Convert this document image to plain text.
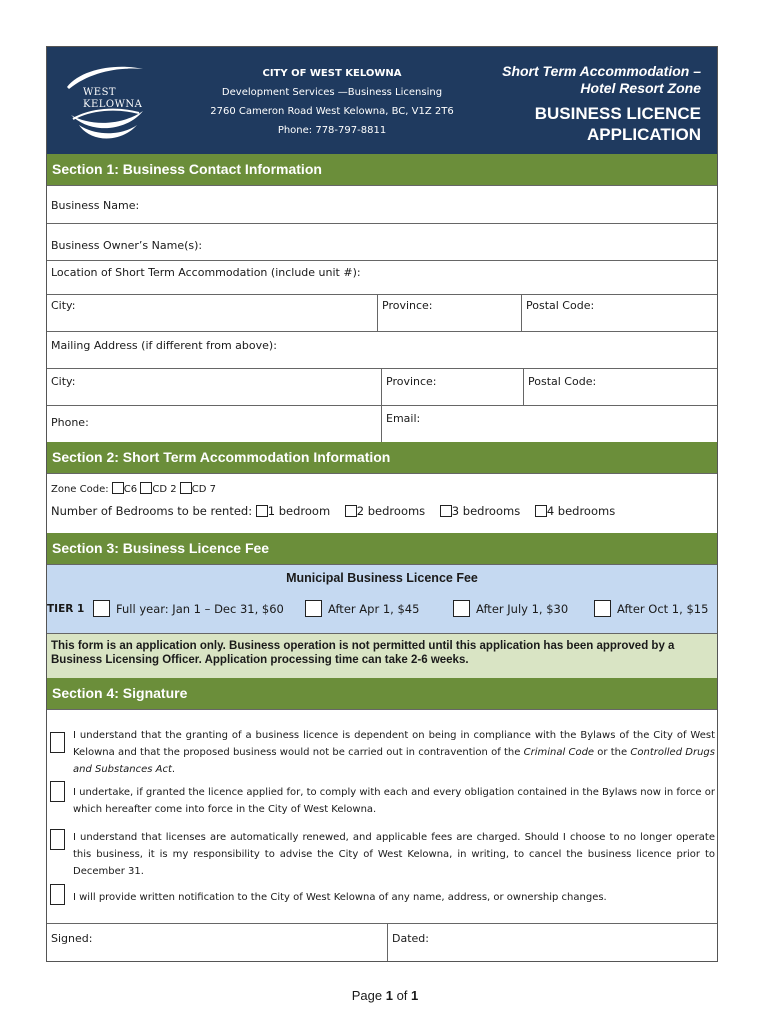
WEST
KELOWNA
CITY OF WEST KELOWNA
Development Services —Business Licensing
2760 Cameron Road West Kelowna, BC, V1Z 2T6
Phone: 778-797-8811
Short Term Accommodation –
Hotel Resort Zone
BUSINESS LICENCE
APPLICATION
Section 1: Business Contact Information
Business Name:
Business Owner’s Name(s):
Location of Short Term Accommodation (include unit #):
City:	Province:	Postal Code:
Mailing Address (if different from above):
City:	Province:	Postal Code:
Phone:	Email:
Section 2: Short Term Accommodation Information
Zone Code: C6 CD 2 CD 7
Number of Bedrooms to be rented: 1 bedroom 2 bedrooms 3 bedrooms 4 bedrooms
Section 3: Business Licence Fee
Municipal Business Licence Fee
TIER 1	Full year: Jan 1 – Dec 31, $60	After Apr 1, $45	After July 1, $30	After Oct 1, $15
This form is an application only. Business operation is not permitted until this application has been approved by a Business Licensing Officer. Application processing time can take 2-6 weeks.
Section 4: Signature
I understand that the granting of a business licence is dependent on being in compliance with the Bylaws of the City of West Kelowna and that the proposed business would not be carried out in contravention of the Criminal Code or the Controlled Drugs and Substances Act.
I undertake, if granted the licence applied for, to comply with each and every obligation contained in the Bylaws now in force or which hereafter come into force in the City of West Kelowna.
I understand that licenses are automatically renewed, and applicable fees are charged. Should I choose to no longer operate this business, it is my responsibility to advise the City of West Kelowna, in writing, to cancel the business licence prior to December 31.
I will provide written notification to the City of West Kelowna of any name, address, or ownership changes.
Signed:	Dated:
Page 1 of 1
